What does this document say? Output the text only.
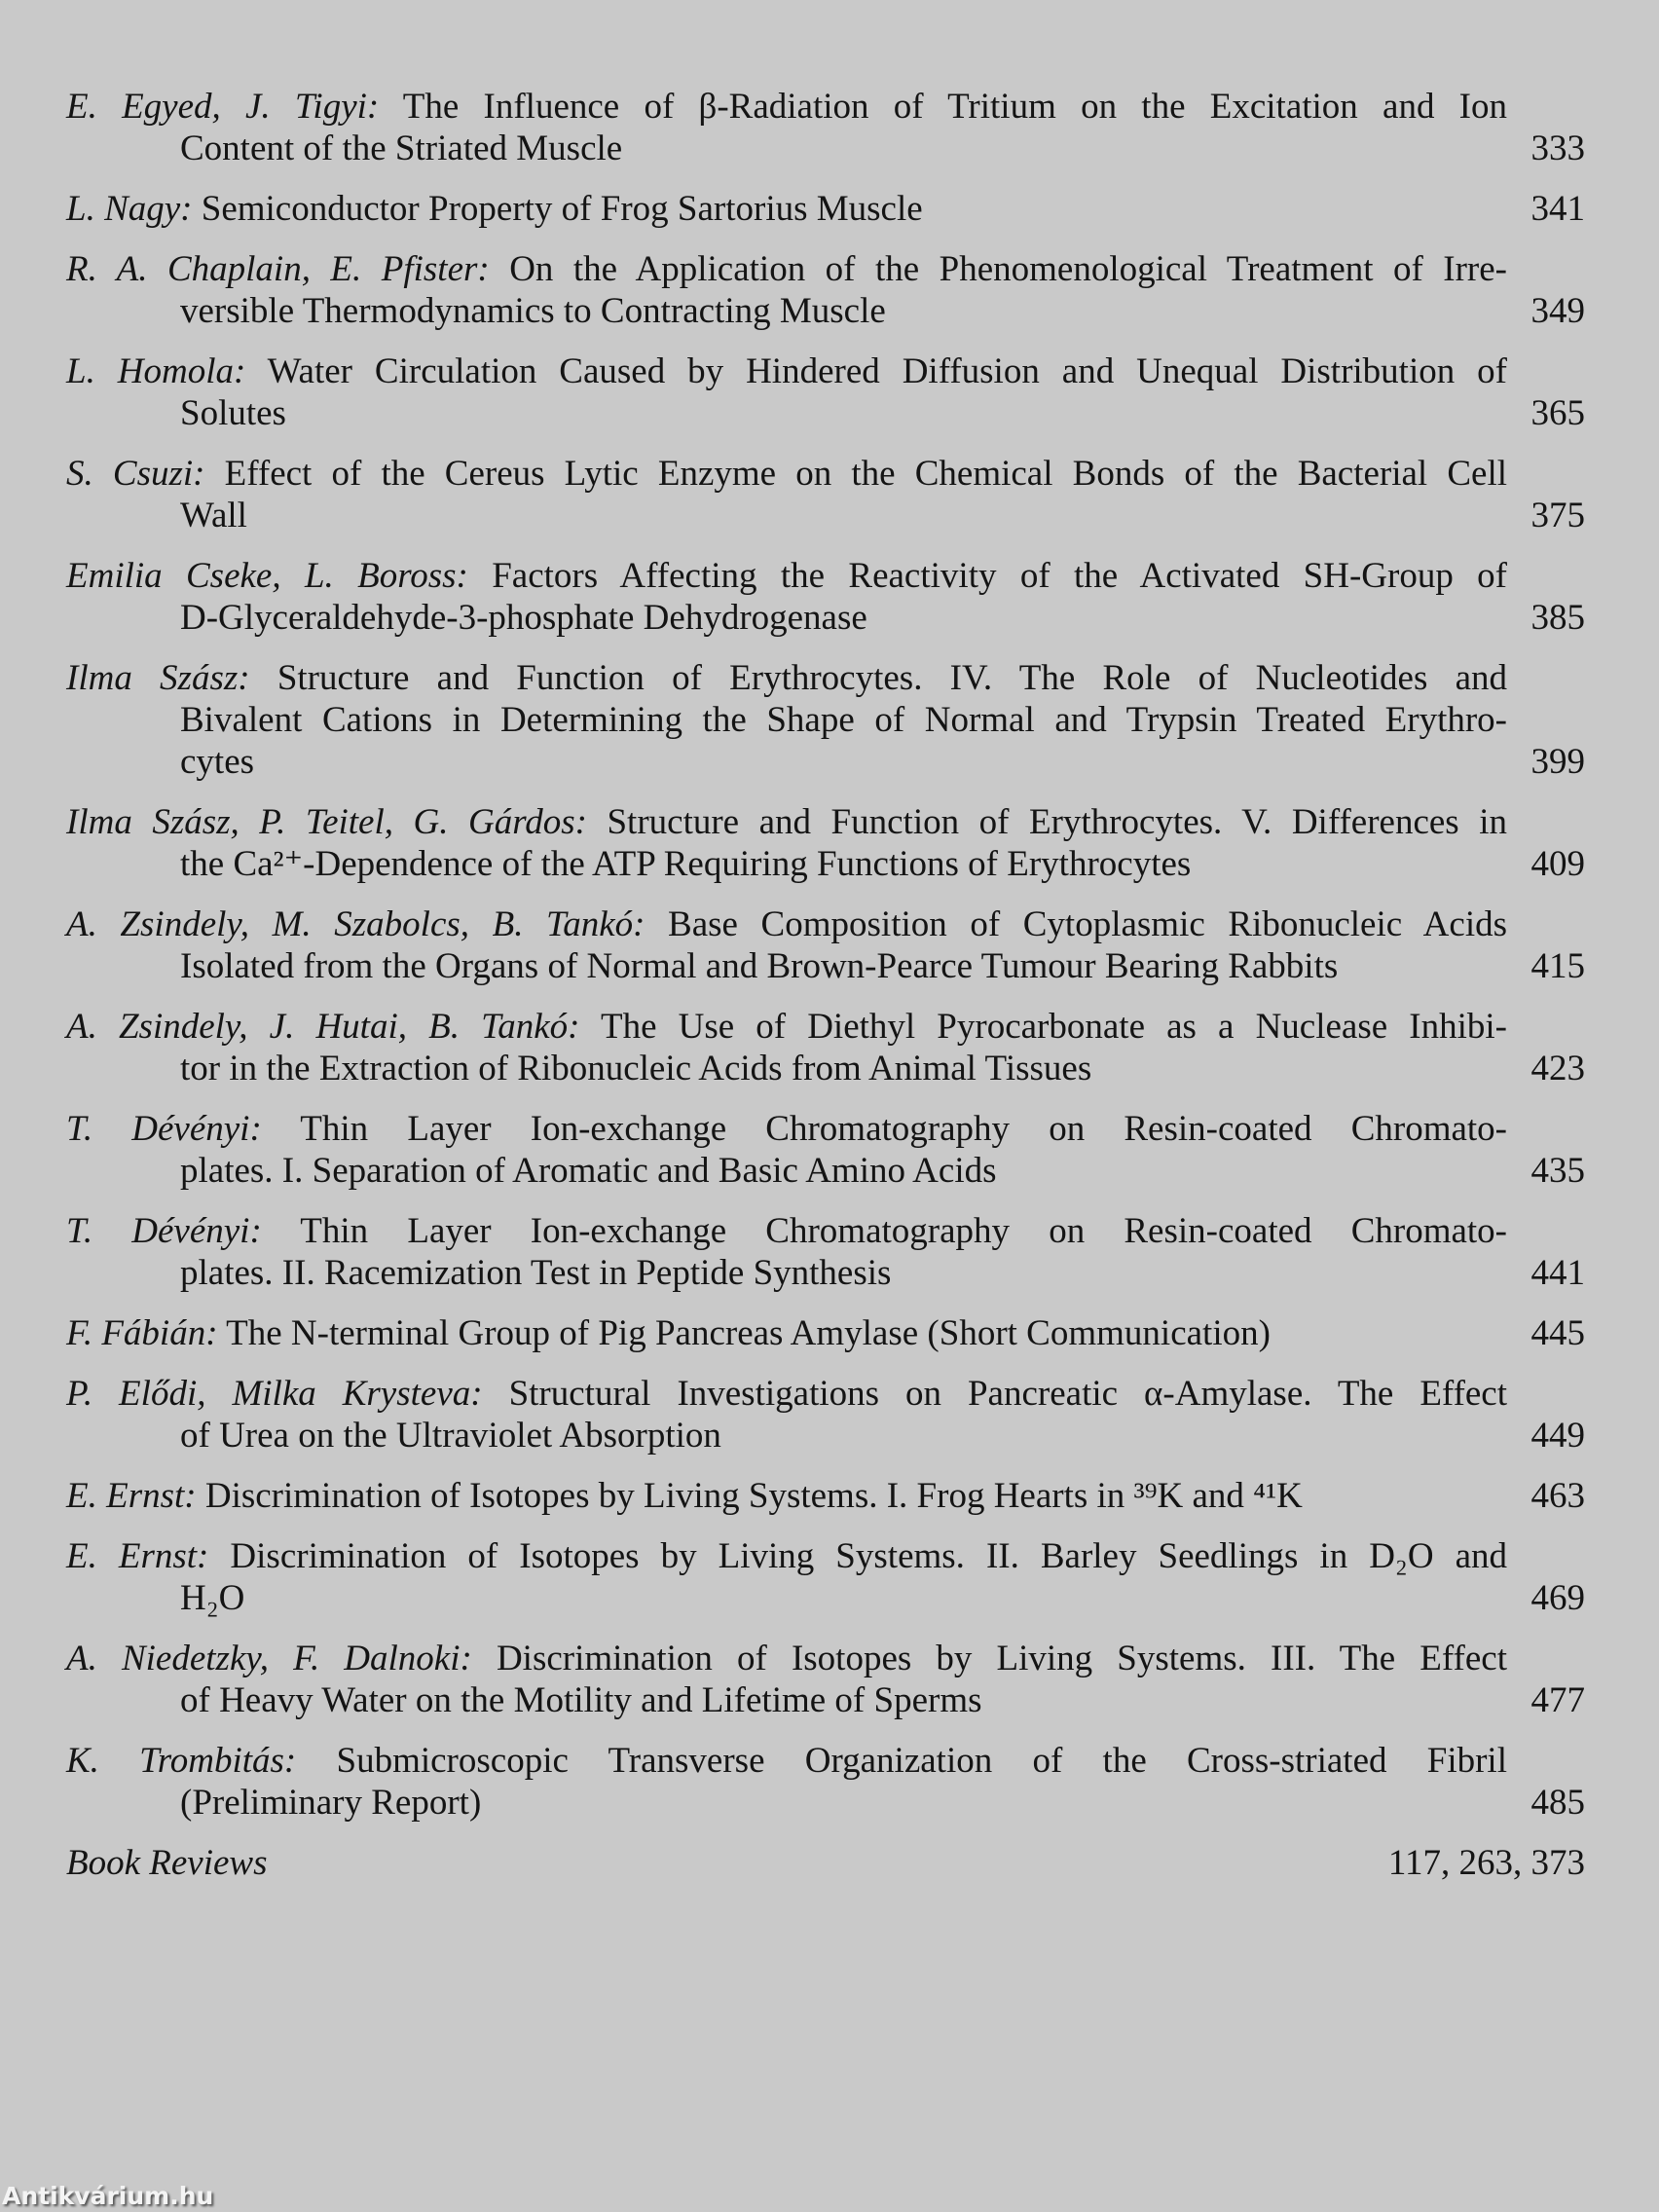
E. Egyed, J. Tigyi: The Influence of β-Radiation of Tritium on the Excitation and Ion
Content of the Striated Muscle	333
L. Nagy: Semiconductor Property of Frog Sartorius Muscle	341
R. A. Chaplain, E. Pfister: On the Application of the Phenomenological Treatment of Irre-
versible Thermodynamics to Contracting Muscle	349
L. Homola: Water Circulation Caused by Hindered Diffusion and Unequal Distribution of
Solutes	365
S. Csuzi: Effect of the Cereus Lytic Enzyme on the Chemical Bonds of the Bacterial Cell
Wall	375
Emilia Cseke, L. Boross: Factors Affecting the Reactivity of the Activated SH-Group of
D-Glyceraldehyde-3-phosphate Dehydrogenase	385
Ilma Szász: Structure and Function of Erythrocytes. IV. The Role of Nucleotides and
Bivalent Cations in Determining the Shape of Normal and Trypsin Treated Erythro-
cytes	399
Ilma Szász, P. Teitel, G. Gárdos: Structure and Function of Erythrocytes. V. Differences in
the Ca²⁺-Dependence of the ATP Requiring Functions of Erythrocytes	409
A. Zsindely, M. Szabolcs, B. Tankó: Base Composition of Cytoplasmic Ribonucleic Acids
Isolated from the Organs of Normal and Brown-Pearce Tumour Bearing Rabbits	415
A. Zsindely, J. Hutai, B. Tankó: The Use of Diethyl Pyrocarbonate as a Nuclease Inhibi-
tor in the Extraction of Ribonucleic Acids from Animal Tissues	423
T. Dévényi: Thin Layer Ion-exchange Chromatography on Resin-coated Chromato-
plates. I. Separation of Aromatic and Basic Amino Acids	435
T. Dévényi: Thin Layer Ion-exchange Chromatography on Resin-coated Chromato-
plates. II. Racemization Test in Peptide Synthesis	441
F. Fábián: The N-terminal Group of Pig Pancreas Amylase (Short Communication)	445
P. Elődi, Milka Krysteva: Structural Investigations on Pancreatic α-Amylase. The Effect
of Urea on the Ultraviolet Absorption	449
E. Ernst: Discrimination of Isotopes by Living Systems. I. Frog Hearts in ³⁹K and ⁴¹K	463
E. Ernst: Discrimination of Isotopes by Living Systems. II. Barley Seedlings in D₂O and
H₂O	469
A. Niedetzky, F. Dalnoki: Discrimination of Isotopes by Living Systems. III. The Effect
of Heavy Water on the Motility and Lifetime of Sperms	477
K. Trombitás: Submicroscopic Transverse Organization of the Cross-striated Fibril
(Preliminary Report)	485
Book Reviews	117, 263, 373
Antikvárium.hu
